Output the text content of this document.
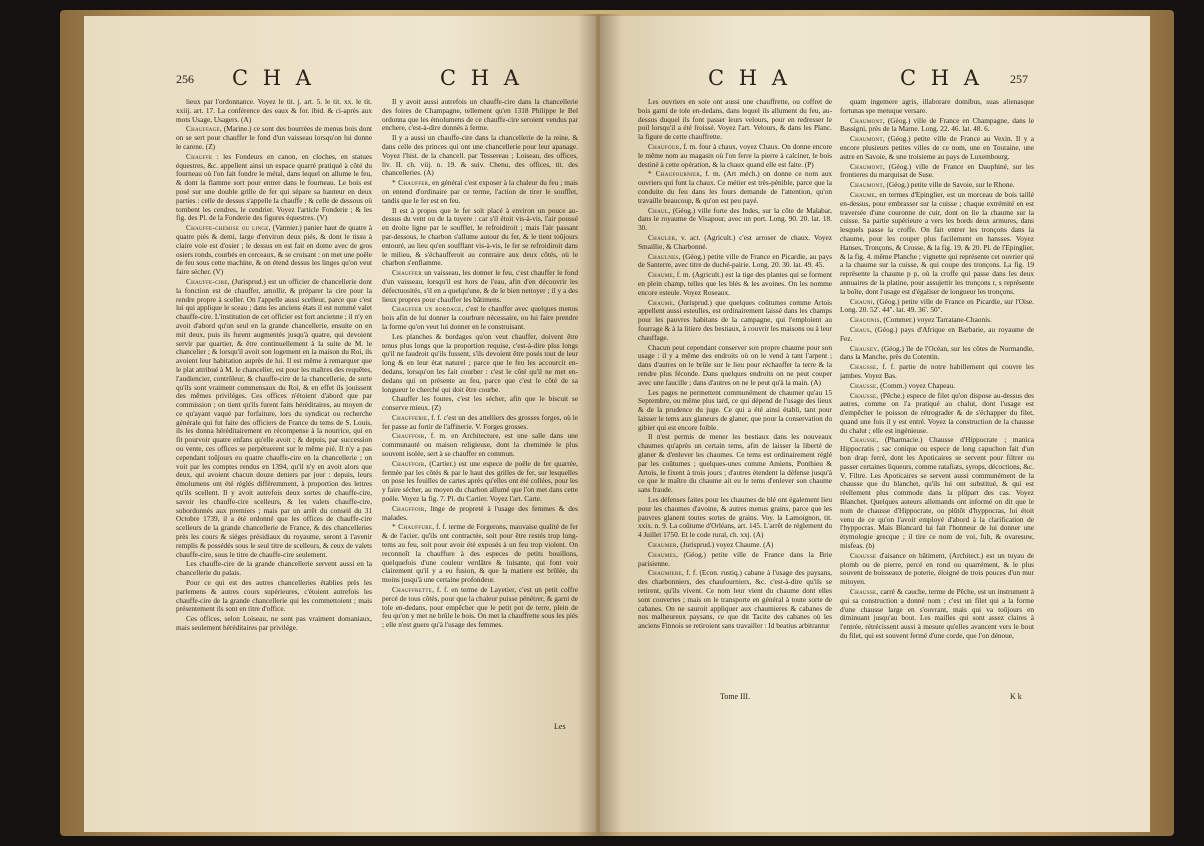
256 C H A	C H A

lieux par l'ordonnance. Voyez le tit. j. art. 5. le tit. xx. le tit. xxiij. art. 17. La conférence des eaux & for. ibid. & ci-après aux mots Usage, Usagers. (A)

Chauffage, (Marine.) ce sont des bourrées de menus bois dont on se sert pour chauffer le fond d'un vaisseau lorsqu'on lui donne le carene. (Z)

Chauffe : les Fondeurs en canon, en cloches, en statues équestres, &c. appellent ainsi un espace quarré pratiqué à côté du fourneau où l'on fait fondre le métal, dans lequel on allume le feu, & dont la flamme sort pour entrer dans le fourneau. Le bois est posé sur une double grille de fer qui sépare sa hauteur en deux parties : celle de dessus s'appelle la chauffe ; & celle de dessous où tombent les cendres, le cendrier. Voyez l'article Fonderie ; & les fig. des Pl. de la Fonderie des figures équestres. (V)

Chauffe-chemise ou linge, (Vannier.) panier haut de quatre à quatre piés & demi, large d'environ deux piés, & dont le tissu à claire voie est d'osier ; le dessus en est fait en dome avec de gros osiers ronds, courbés en cerceaux, & se croisant : on met une poële de feu sous cette machine, & on étend dessus les linges qu'on veut faire sécher. (V)

Chauffe-cire, (Jurisprud.) est un officier de chancellerie dont la fonction est de chauffer, amollir, & préparer la cire pour la rendre propre à sceller. On l'appelle aussi scelleur, parce que c'est lui qui applique le sceau ; dans les anciens états il est nommé valet chauffe-cire. L'institution de cet officier est fort ancienne ; il n'y en avoit d'abord qu'un seul en la grande chancellerie, ensuite on en mit deux, puis ils furent augmentés jusqu'à quatre, qui devoient servir par quartier, & être continuellement à la suite de M. le chancelier ; & lorsqu'il avoit son logement en la maison du Roi, ils avoient leur habitation auprès de lui. Il est même à remarquer que le plat attribué à M. le chancelier, est pour les maîtres des requêtes, l'audiencier, contrôleur, & chauffe-cire de la chancellerie, de sorte qu'ils sont vraiment commensaux du Roi, & en effet ils jouissent des mêmes priviléges. Ces offices n'étoient d'abord que par commission ; on tient qu'ils furent faits héréditaires, au moyen de ce qu'ayant vaqué par forfaiture, lors du syndicat ou recherche générale qui fut faite des officiers de France du tems de S. Louis, ils les donna héréditairement en récompense à la nourrice, qui en fit pourvoir quatre enfans qu'elle avoit ; & depuis, par succession ou vente, ces offices se perpétuerent sur le même pié. Il n'y a pas cependant toûjours eu quatre chauffe-cire en la chancellerie ; on voit par les comptes rendus en 1394, qu'il n'y en avoit alors que deux, qui avoient chacun douze deniers par jour : depuis, leurs émolumens ont été réglés différemment, à proportion des lettres qu'ils scellent. Il y avoit autrefois deux sortes de chauffe-cire, savoir les chauffe-cire scelleurs, & les valets chauffe-cire, subordonnés aux premiers ; mais par un arrêt du conseil du 31 Octobre 1739, il a été ordonné que les offices de chauffe-cire scelleurs de la grande chancellerie de France, & des chancelleries près les cours & siéges présidiaux du royaume, seront à l'avenir remplis & possédés sous le seul titre de scelleurs, & ceux de valets chauffe-cire, sous le titre de chauffe-cire seulement.

Les chauffe-cire de la grande chancellerie servent aussi en la chancellerie du palais.

Pour ce qui est des autres chancelleries établies près les parlemens & autres cours supérieures, c'étoient autrefois les chauffe-cire de la grande chancellerie qui les commettoient ; mais présentement ils sont en titre d'office.

Ces offices, selon Loiseau, ne sont pas vraiment domaniaux, mais seulement héréditaires par privilége.

Il y avoit aussi autrefois un chauffe-cire dans la chancellerie des foires de Champagne, tellement qu'en 1318 Philippe le Bel ordonna que les émolumens de ce chauffe-cire seroient vendus par enchere, c'est-à-dire donnés à ferme.

Il y a aussi un chauffe-cire dans la chancellerie de la reine, & dans celle des princes qui ont une chancellerie pour leur apanage. Voyez l'hist. de la chancell. par Tessereau ; Loiseau, des offices, liv. II. ch. viij. n. 19. & suiv. Chenu, des offices, tit. des chancelleries. (A)

* Chauffer, en général c'est exposer à la chaleur du feu ; mais on entend d'ordinaire par ce terme, l'action de tirer le soufflet, tandis que le fer est en feu.

Il est à propos que le fer soit placé à environ un pouce au-dessus du vent ou de la tuyere : car s'il étoit vis-à-vis, l'air poussé en droite ligne par le soufflet, le refroidiroit ; mais l'air passant par-dessous, le charbon s'allume autour du fer, & le tient toûjours entouré, au lieu qu'en soufflant vis-à-vis, le fer se refroidiroit dans le milieu, & s'échaufferoit au contraire aux deux côtés, où le charbon s'enflamme.

Chauffer un vaisseau, les donner le feu, c'est chauffer le fond d'un vaisseau, lorsqu'il est hors de l'eau, afin d'en découvrir les défectuosités, s'il en a quelqu'une, & de le bien nettoyer ; il y a des lieux propres pour chauffer les bâtimens.

Chauffer un bordage, c'est le chauffer avec quelques menus bois afin de lui donner la courbure nécessaire, ou lui faire prendre la forme qu'on veut lui donner en le construisant.

Les planches & bordages qu'on veut chauffer, doivent être tenus plus longs que la proportion requise, c'est-à-dire plus longs qu'il ne faudroit qu'ils fussent, s'ils devoient être posés tout de leur long & en leur état naturel ; parce que le feu les accourcit en-dedans, lorsqu'on les fait courber : c'est le côté qu'il ne met en-dedans qui on présente au feu, parce que c'est le côté de sa longueur le cherché qui doit être courbe.

Chauffer les foutes, c'est les sécher, afin que le biscuit se conserve mieux. (Z)

Chaufferie, f. f. c'est un des attelliers des grosses forges, où le fer passe au fortir de l'affinerie. V. Forges grosses.

Chauffoir, f. m. en Architecture, est une salle dans une communauté ou maison religieuse, dont la cheminée le plus souvent isolée, sert à se chauffer en commun.

Chauffoir, (Cartier.) est une espece de poële de fer quarrée, fermée par les côtés & par le haut des grilles de fer, sur lesquelles on pose les feuilles de cartes après qu'elles ont été collées, pour les y faire sécher, au moyen du charbon allumé que l'on met dans cette poële. Voyez la fig. 7. Pl. du Cartier. Voyez l'art. Carte.

Chauffoir, linge de propreté à l'usage des femmes & des malades.

* Chauffure, f. f. terme de Forgerons, mauvaise qualité de fer & de l'acier, qu'ils ont contractée, soit pour être restés trop long-tems au feu, soit pour avoir été exposés à un feu trop violent. On reconnoît la chauffure à des especes de petits bouillons, quelquefois d'une couleur verdâtre & luisante, qui font voir clairement qu'il y a eu fusion, & que la matiere est brûlée, du moins jusqu'à une certaine profondeur.

Chauffrette, f. f. en terme de Layetier, c'est un petit coffre percé de tous côtés, pour que la chaleur puisse pénétrer, & garni de tole en-dedans, pour empêcher que le petit pot de terre, plein de feu qu'on y met ne brûle le bois. On met la chauffrette sous les piés ; elle n'est guere qu'à l'usage des femmes.

Les
C H A	C H A 257

Les ouvriers en soie ont aussi une chauffrette, ou coffret de bois garni de tole en-dedans, dans lequel ils allument du feu, au-dessus duquel ils font passer leurs velours, pour en redresser le poil lorsqu'il a été froissé. Voyez l'art. Velours, & dans les Planc. la figure de cette chauffrette.

Chaufour, f. m. four à chaux, voyez Chaux. On donne encore le même nom au magasin où l'on ferre la pierre à calciner, le bois destiné à cette opération, & la chaux quand elle est faite. (P)

* Chaufournier, f. m. (Art méch.) on donne ce nom aux ouvriers qui font la chaux. Ce métier est très-pénible, parce que la conduite du feu dans les fours demande de l'attention, qu'on travaille beaucoup, & qu'on est peu payé.

Chaul, (Géog.) ville forte des Indes, sur la côte de Malabar, dans le royaume de Visapour, avec un port. Long. 90. 20. lat. 18. 30.

Chauler, v. act. (Agricult.) c'est arroser de chaux. Voyez Smaillie, & Charbonné.

Chaulnes, (Géog.) petite ville de France en Picardie, au pays de Santerre, avec titre de duché-pairie. Long. 20. 30. lat. 49. 45.

Chaume, f. m. (Agricult.) est la tige des plantes qui se forment en plein champ, telles que les blés & les avoines. On les nomme encore esteule. Voyez Roseaux.

Chaume, (Jurisprud.) que quelques coûtumes comme Artois appellent aussi esteulles, est ordinairement laissé dans les champs pour les pauvres habitans de la campagne, qui l'emploient au fourrage & à la litiere des bestiaux, à couvrir les maisons ou à leur chauffage.

Chacun peut cependant conserver son propre chaume pour son usage : il y a même des endroits où on le vend à tant l'arpent ; dans d'autres on le brûle sur le lieu pour réchauffer la terre & la rendre plus féconde. Dans quelques endroits on ne peut couper avec une faucille ; dans d'autres on ne le peut qu'à la main. (A)

Les pages ne permettent communément de chaumer qu'au 15 Septembre, ou même plus tard, ce qui dépend de l'usage des lieux & de la prudence du juge. Ce qui a été ainsi établi, tant pour laisser le tems aux glaneurs de glaner, que pour la conservation du gibier qui est encore foible.

Il n'est permis de mener les bestiaux dans les nouveaux chaumes qu'après un certain tems, afin de laisser la liberté de glaner & d'enlever les chaumes. Ce tems est ordinairement réglé par les coûtumes ; quelques-unes comme Amiens, Ponthieu & Artois, le fixent à trois jours ; d'autres étendent la défense jusqu'à ce que le maître du chaume ait eu le tems d'enlever son chaume sans fraude.

Les défenses faites pour les chaumes de blé ont également lieu pour les chaumes d'avoine, & autres menus grains, parce que les pauvres glanent toutes sortes de grains. Voy. la Lamoignon, tit. xxix. n. 9. La coûtume d'Orléans, art. 145. L'arrêt de réglement du 4 Juillet 1750. Et le code rural, ch. xxj. (A)

Chaumer, (Jurisprud.) voyez Chaume. (A)

Chaumes, (Géog.) petite ville de France dans la Brie parisienne.

Chaumiere, f. f. (Econ. rustiq.) cabane à l'usage des paysans, des charbonniers, des chaufourniers, &c. c'est-à-dire qu'ils se retirent, qu'ils vivent. Ce nom leur vient du chaume dont elles sont couvertes ; mais on le transporte en général à toute sorte de cabanes. On ne sauroit appliquer aux chaumieres & cabanes de nos malheureux paysans, ce que dit Tacite des cabanes où les anciens Finnois se retiroient sans travailler : Id beatius arbitrantur

quam ingemere agris, illaborare domibus, suas alienasque fortunas spe metuque versare.

Chaumont, (Géog.) ville de France en Champagne, dans le Bassigni, près de la Marne. Long. 22. 46. lat. 48. 6.

Chaumont, (Géog.) petite ville de France au Vexin. Il y a encore plusieurs petites villes de ce nom, une en Touraine, une autre en Savoie, & une troisieme au pays de Luxembourg.

Chaumont, (Géog.) ville de France en Dauphiné, sur les frontieres du marquisat de Suse.

Chaumont, (Géog.) petite ville de Savoie, sur le Rhone.

Chaume, en termes d'Epinglier, est un morceau de bois taillé en-dessus, pour embrasser sur la cuisse ; chaque extrémité en est traversée d'une couronne de cuir, dont on lie la chaume sur la cuisse. Sa partie supérieure a vers les bords deux armures, dans lesquels passe la croffe. On fait entrer les tronçons dans la chaume, pour les couper plus facilement en hansses. Voyez Hanses, Tronçons, & Crosse, & la fig. 19. & 20. Pl. de l'Epinglier, & la fig. 4. même Planche ; vignette qui représente cet ouvrier qui a la chaume sur la cuisse, & qui coupe des tronçons. La fig. 19 représente la chaume p p, où la croffe qui passe dans les deux annuaires de la platine, pour assujettir les tronçons r, s représente la boîte, dont l'usage est d'égaliser de longueur les tronçons.

Chauni, (Géog.) petite ville de France en Picardie, sur l'Oise. Long. 20. 52'. 44". lat. 49. 36'. 50".

Chauonis, (Commer.) voyez Tarratane-Chaonis.

Chaus, (Géog.) pays d'Afrique en Barbarie, au royaume de Fez.

Chausey, (Géog.) île de l'Océan, sur les côtes de Normandie, dans la Manche, près du Cotentin.

Chausse, f. f. partie de notre habillement qui couvre les jambes. Voyez Bas.

Chausse, (Comm.) voyez Chapeau.

Chausse, (Pêche.) espece de filet qu'on dispose au-dessus des autres, comme on l'a pratiqué au chalut, dont l'usage est d'empêcher le poisson de rétrograder & de s'échapper du filet, quand une fois il y est entré. Voyez la construction de la chausse du chalut ; elle est ingénieuse.

Chausse, (Pharmacie.) Chausse d'Hippocrate ; manica Hippocratis ; sac conique ou espece de long capuchon fait d'un bon drap ferré, dont les Apoticaires se servent pour filtrer ou passer certaines liqueurs, comme ratafiats, syrops, décoctions, &c. V. Filtre. Les Apoticaires se servent aussi communément de la chausse que du blanchet, qu'ils lui ont substitué, & qui est réellement plus commode dans la plûpart des cas. Voyez Blanchet. Quelques auteurs allemands ont informé on dit que le nom de chausse d'Hippocrate, ou plûtôt d'hyppocras, lui étoit venu de ce qu'on l'avoit employé d'abord à la clarification de l'hyppocras. Mais Blancard lui fait l'honneur de lui donner une étymologie grecque ; il tire ce nom de voi, fub, & ovaresuw, misfeas. (b)

Chausse d'aisance en bâtiment, (Architect.) est un tuyau de plomb ou de pierre, percé en rond ou quarrément, & le plus souvent de boisseaux de poterie, éloigné de trois pouces d'un mur mitoyen.

Chausse, carré & cauche, terme de Pêche, est un instrument à qui sa construction a donné nom ; c'est un filet qui a la forme d'une chausse large en s'ouvrant, mais qui va toûjours en diminuant jusqu'au bout. Les mailles qui sont assez claires à l'entrée, rétrécissent aussi à mesure qu'elles avancent vers le bout du filet, qui est souvent fermé d'une corde, que l'on dénoue,

Tome III.	K k
